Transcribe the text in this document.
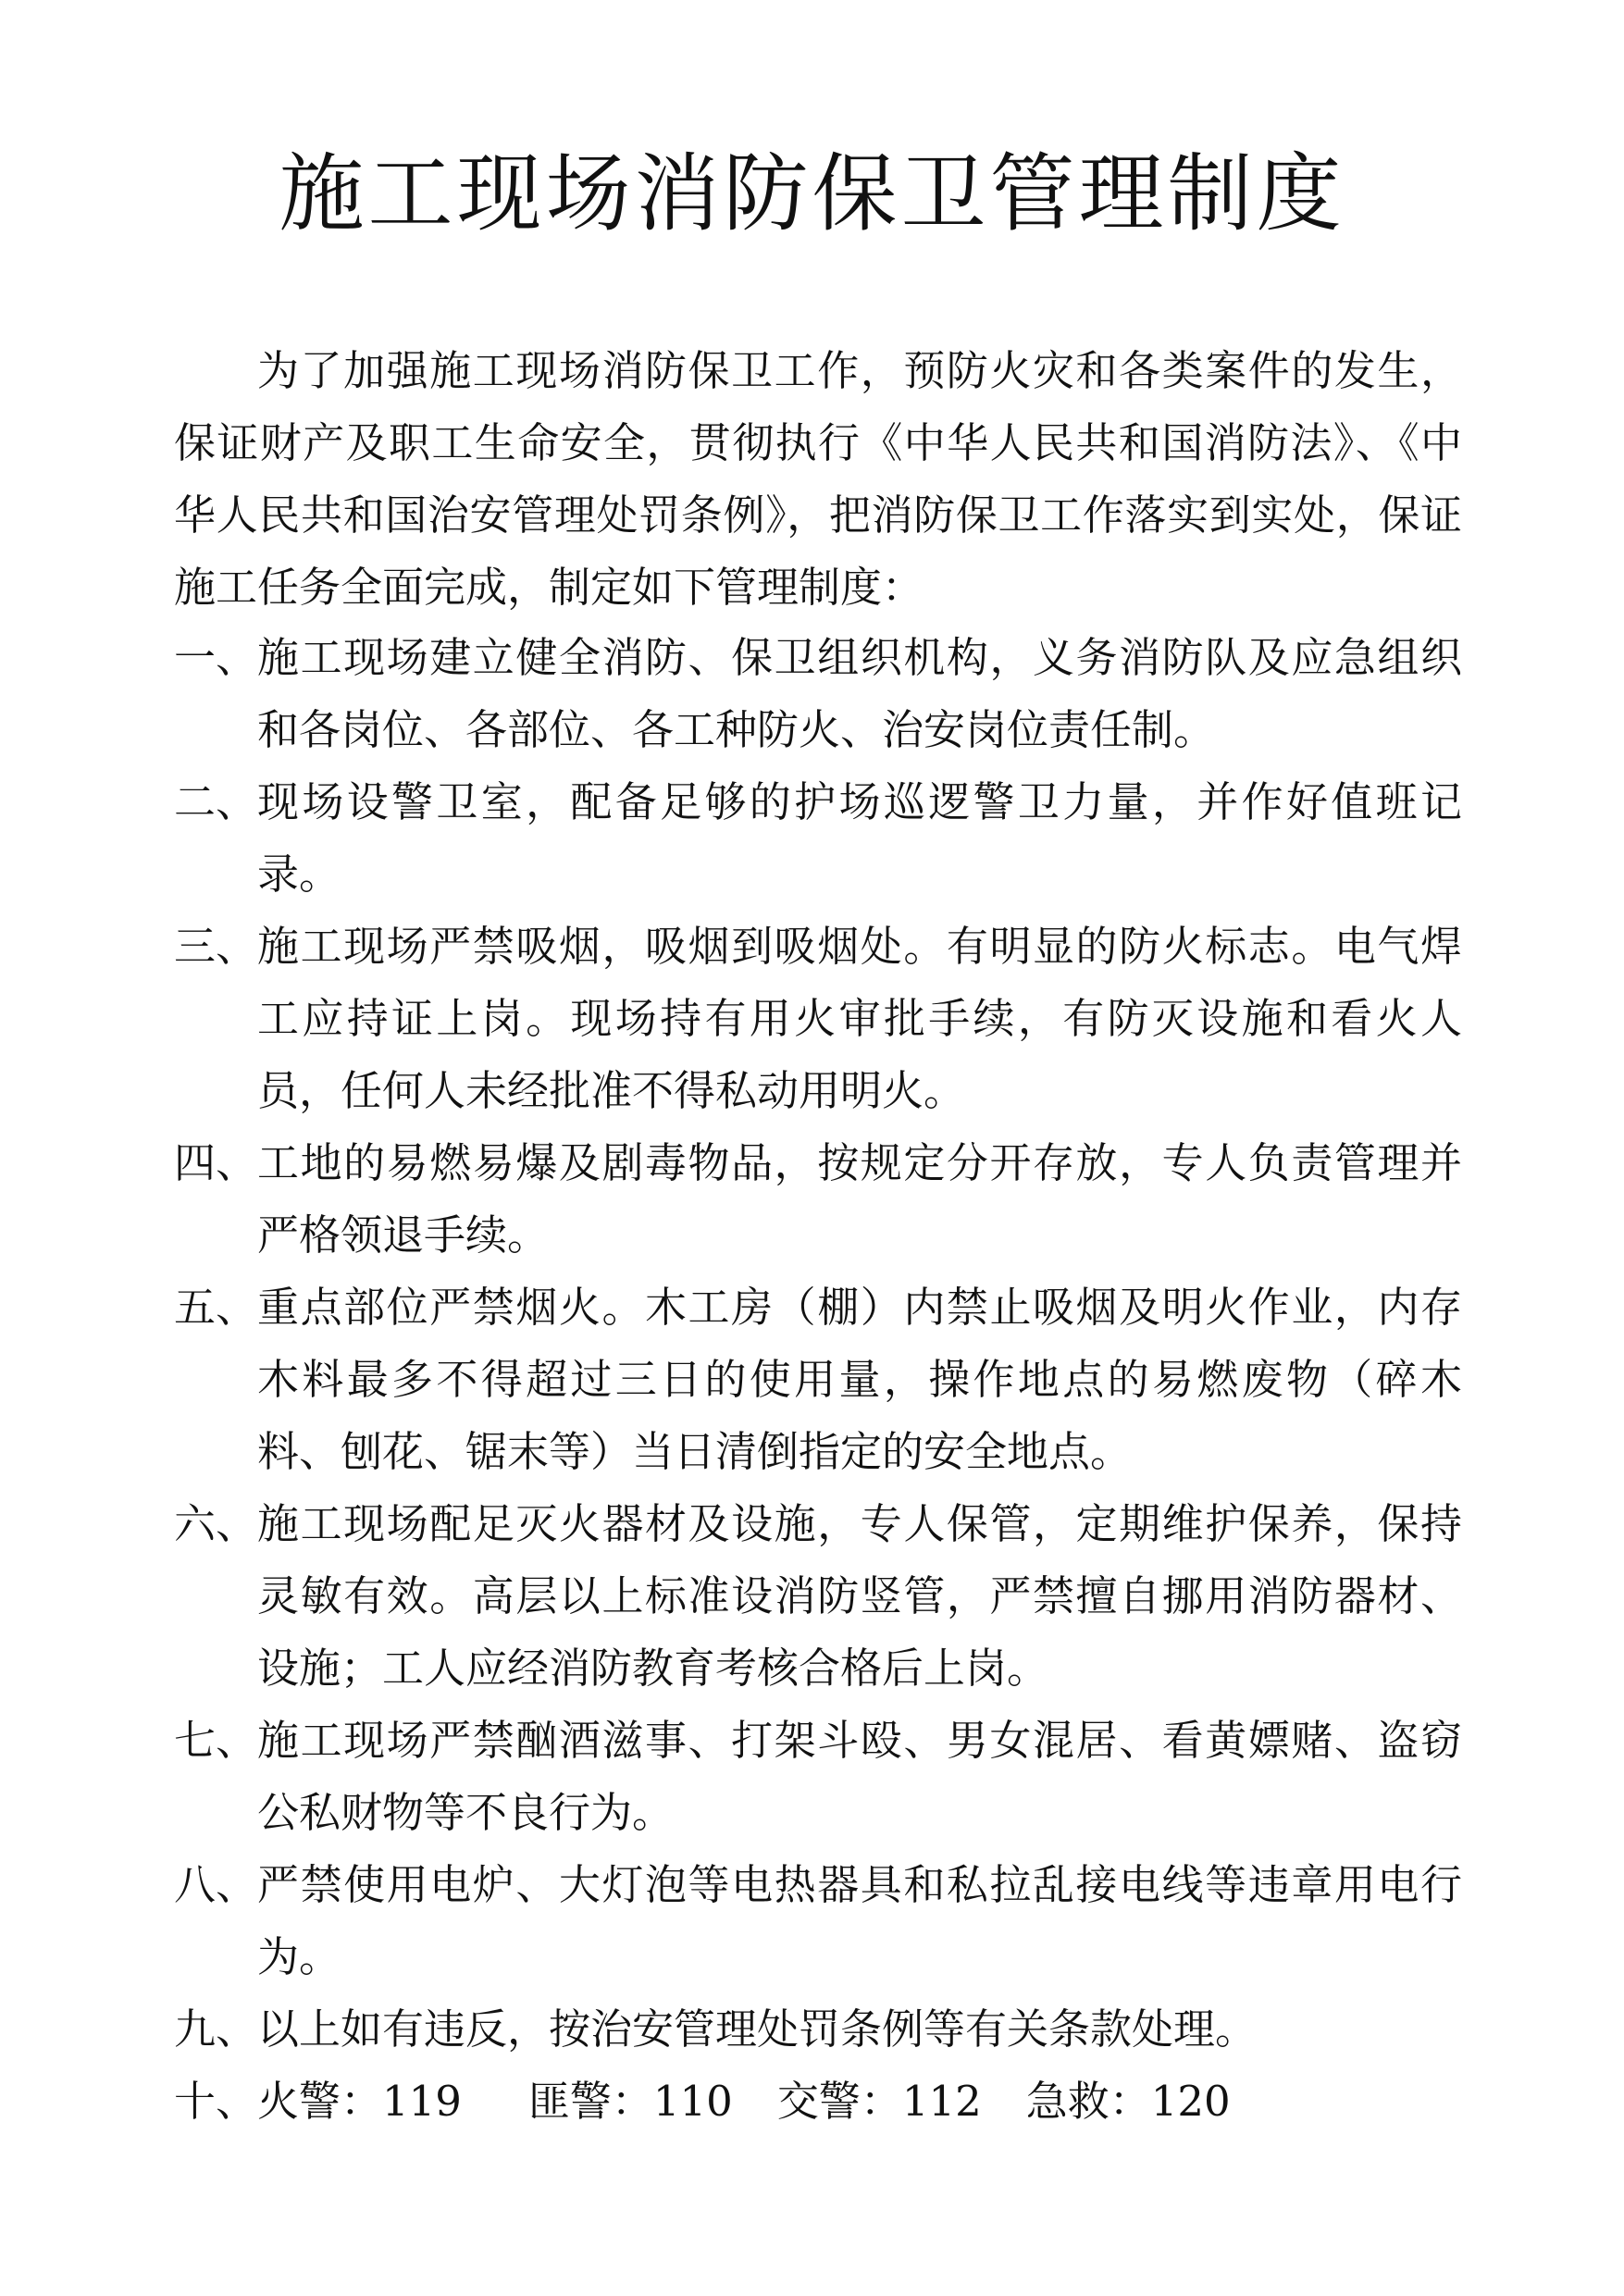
施工现场消防保卫管理制度

为了加强施工现场消防保卫工作，预防火灾和各类案件的发生，保证财产及职工生命安全，贯彻执行《中华人民共和国消防法》、《中华人民共和国治安管理处罚条例》，把消防保卫工作落实到实处，保证施工任务全面完成，制定如下管理制度：

一、 施工现场建立健全消防、保卫组织机构，义务消防队及应急组织和各岗位、各部位、各工种防火、治安岗位责任制。
二、 现场设警卫室，配备足够的护场巡逻警卫力量，并作好值班记录。
三、 施工现场严禁吸烟，吸烟到吸烟处。有明显的防火标志。电气焊工应持证上岗。现场持有用火审批手续，有防灭设施和看火人员，任何人未经批准不得私动用明火。
四、 工地的易燃易爆及剧毒物品，按规定分开存放，专人负责管理并严格领退手续。
五、 重点部位严禁烟火。木工房（棚）内禁止吸烟及明火作业，内存木料最多不得超过三日的使用量，操作地点的易燃废物（碎木料、刨花、锯末等）当日清倒指定的安全地点。
六、 施工现场配足灭火器材及设施，专人保管，定期维护保养，保持灵敏有效。高层以上标准设消防竖管，严禁擅自挪用消防器材、设施；工人应经消防教育考核合格后上岗。
七、 施工现场严禁酗酒滋事、打架斗殴、男女混居、看黄嫖赌、盗窃公私财物等不良行为。
八、 严禁使用电炉、大灯泡等电热器具和私拉乱接电线等违章用电行为。
九、 以上如有违反，按治安管理处罚条例等有关条款处理。
十、 火警：119 匪警：110 交警：112 急救：120
